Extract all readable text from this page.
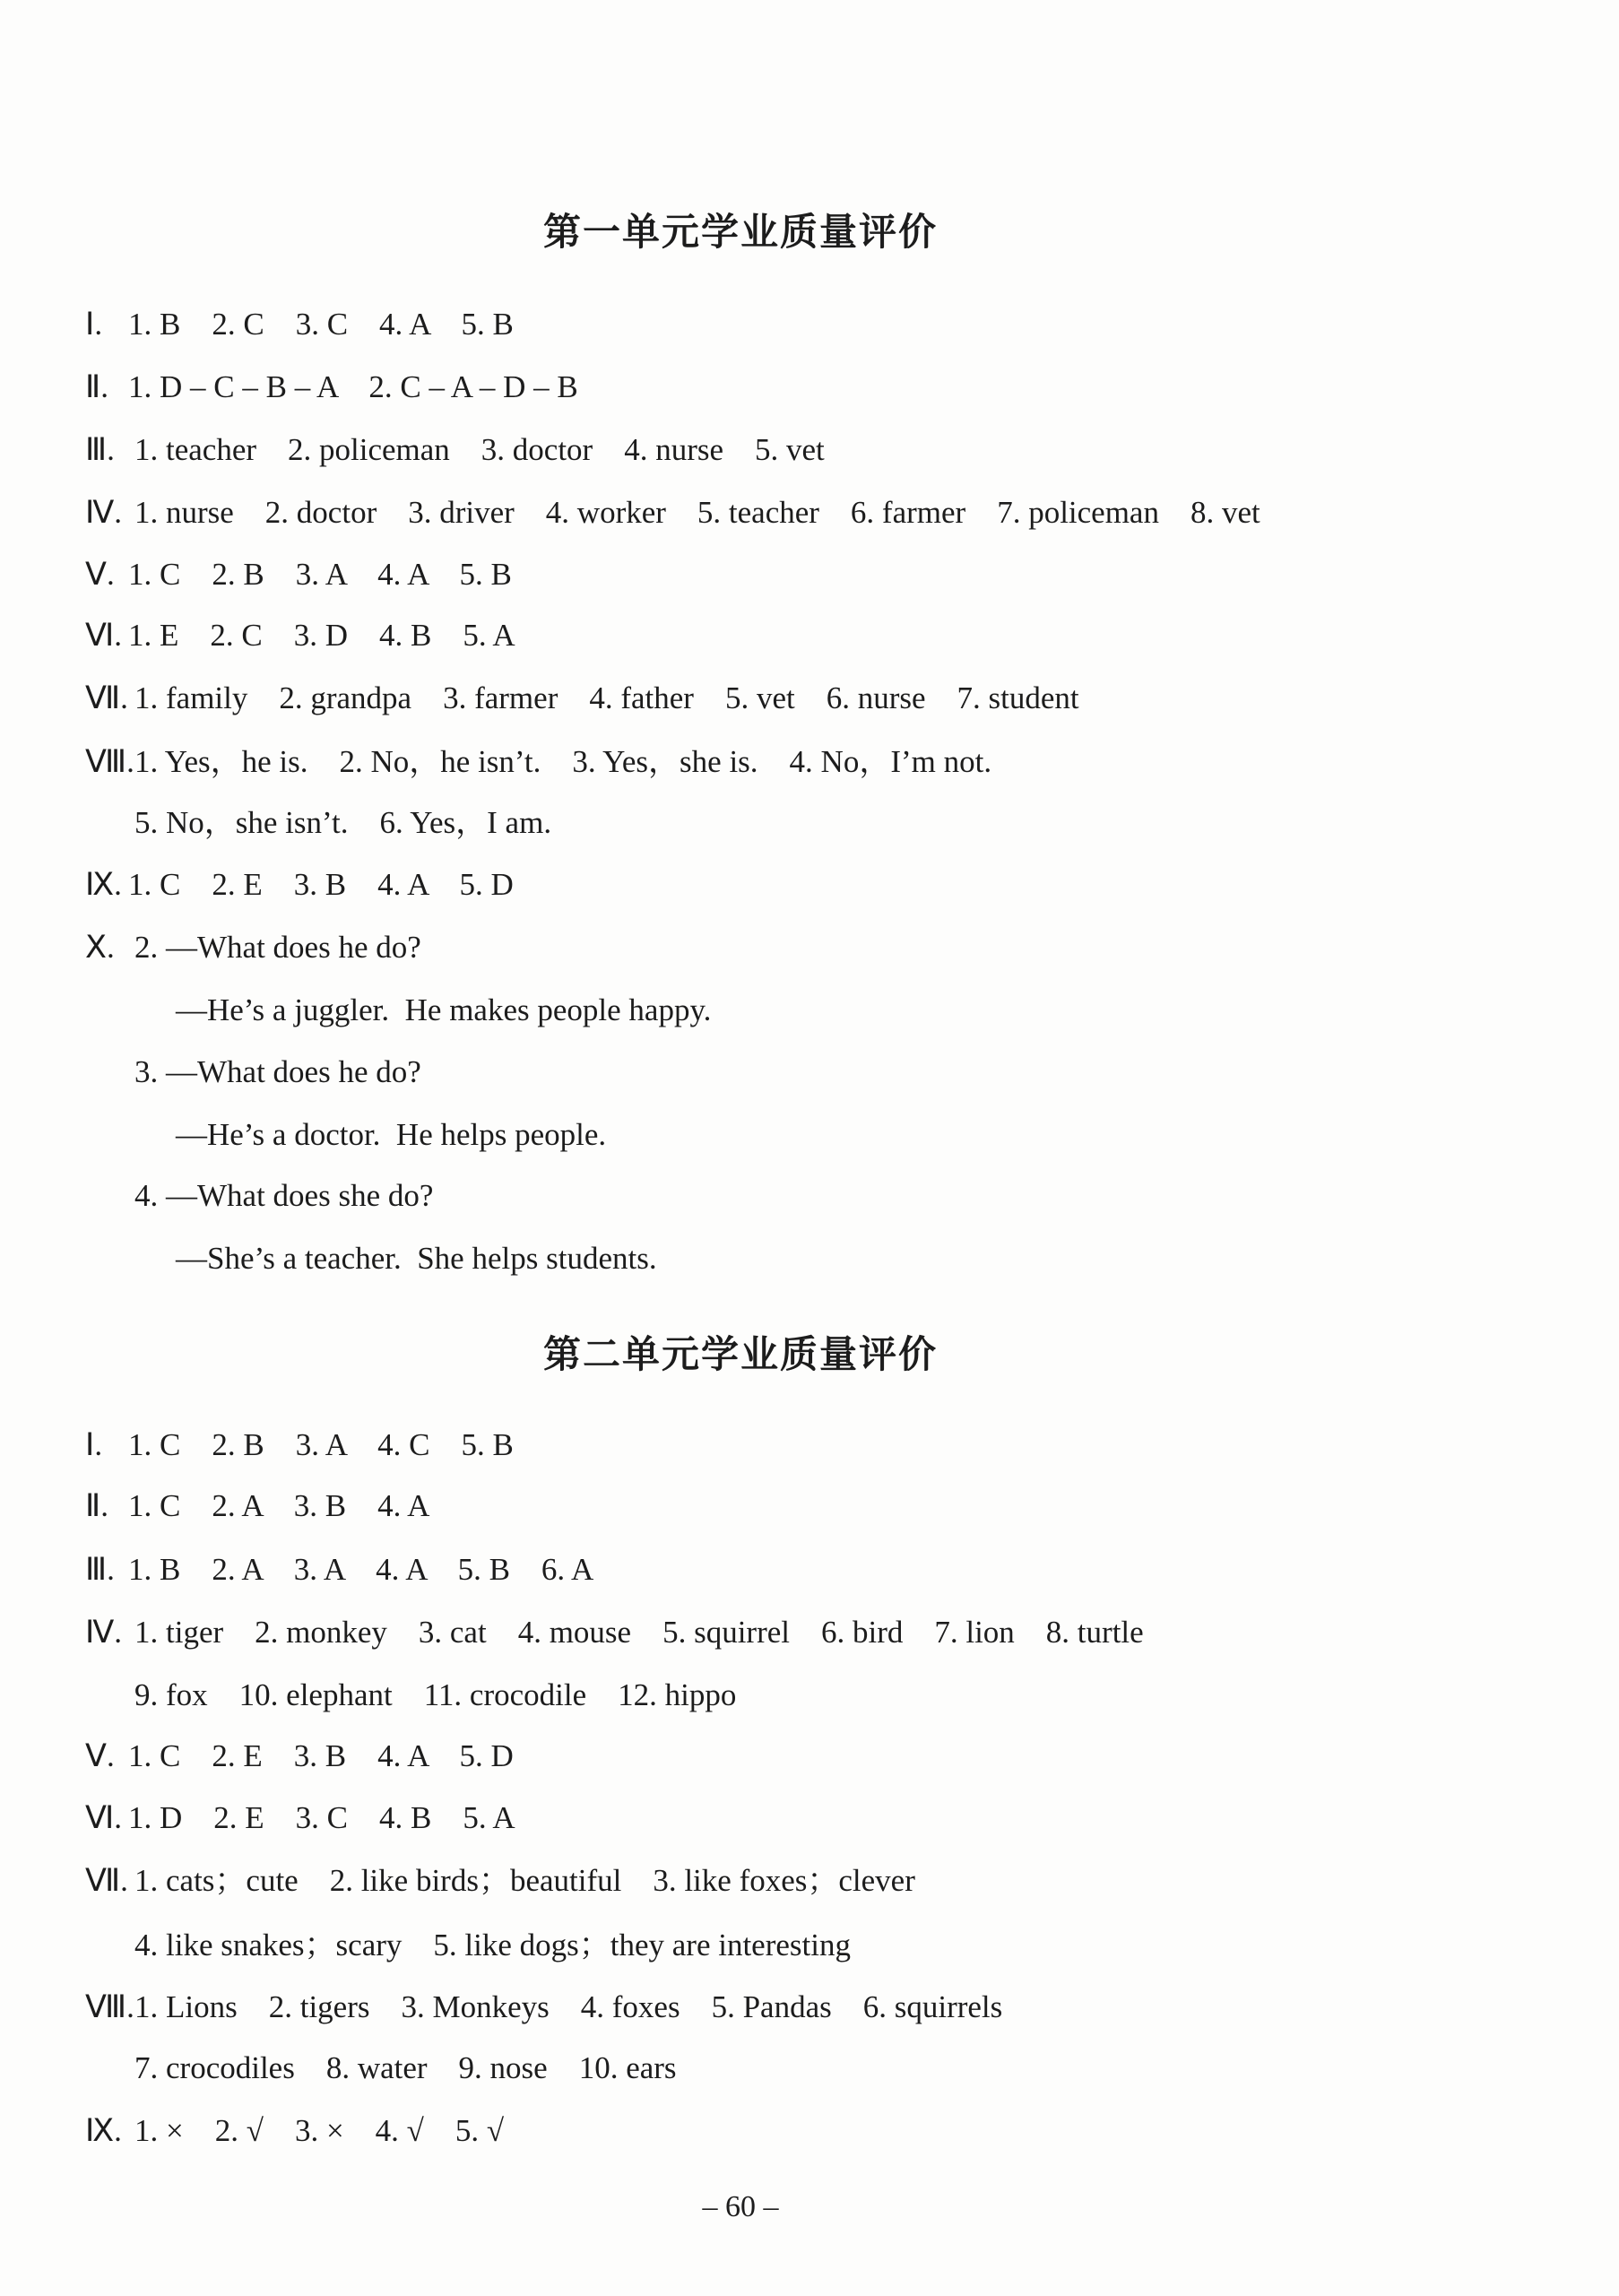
第一单元学业质量评价
Ⅰ. 1. B    2. C    3. C    4. A    5. B
Ⅱ. 1. D – C – B – A    2. C – A – D – B
Ⅲ. 1. teacher    2. policeman    3. doctor    4. nurse    5. vet
Ⅳ. 1. nurse    2. doctor    3. driver    4. worker    5. teacher    6. farmer    7. policeman    8. vet
Ⅴ. 1. C    2. B    3. A    4. A    5. B
Ⅵ. 1. E    2. C    3. D    4. B    5. A
Ⅶ. 1. family    2. grandpa    3. farmer    4. father    5. vet    6. nurse    7. student
Ⅷ. 1. Yes，he is.    2. No，he isn’t.    3. Yes，she is.    4. No，I’m not.
5. No，she isn’t.    6. Yes，I am.
Ⅸ. 1. C    2. E    3. B    4. A    5. D
Ⅹ. 2. —What does he do?
—He’s a juggler.  He makes people happy.
3. —What does he do?
—He’s a doctor.  He helps people.
4. —What does she do?
—She’s a teacher.  She helps students.
第二单元学业质量评价
Ⅰ. 1. C    2. B    3. A    4. C    5. B
Ⅱ. 1. C    2. A    3. B    4. A
Ⅲ. 1. B    2. A    3. A    4. A    5. B    6. A
Ⅳ. 1. tiger    2. monkey    3. cat    4. mouse    5. squirrel    6. bird    7. lion    8. turtle
9. fox    10. elephant    11. crocodile    12. hippo
Ⅴ. 1. C    2. E    3. B    4. A    5. D
Ⅵ. 1. D    2. E    3. C    4. B    5. A
Ⅶ. 1. cats；cute    2. like birds；beautiful    3. like foxes；clever
4. like snakes；scary    5. like dogs；they are interesting
Ⅷ. 1. Lions    2. tigers    3. Monkeys    4. foxes    5. Pandas    6. squirrels
7. crocodiles    8. water    9. nose    10. ears
Ⅸ. 1. ×    2. √    3. ×    4. √    5. √
– 60 –
